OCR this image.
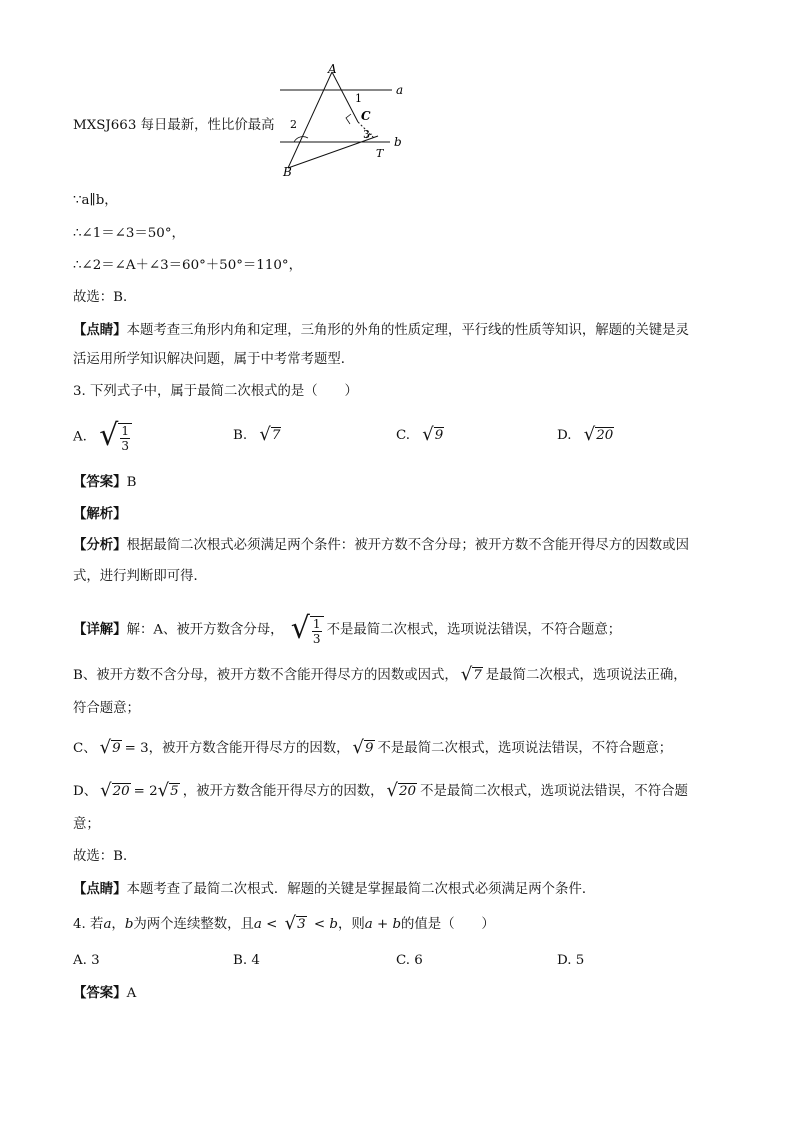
MXSJ663 每日最新，性比价最高
A
a
1
C
2
3
b
T
B
∵a∥b，
∴∠1＝∠3＝50°，
∴∠2＝∠A＋∠3＝60°＋50°＝110°，
故选：B．
【点睛】本题考查三角形内角和定理，三角形的外角的性质定理，平行线的性质等知识，解题的关键是灵
活运用所学知识解决问题，属于中考常考题型．
3. 下列式子中，属于最简二次根式的是（　　）
A. √ $\frac{1}{3}$	B. √ 7	C. √ 9	D. √ 20
【答案】B
【解析】
【分析】根据最简二次根式必须满足两个条件：被开方数不含分母；被开方数不含能开得尽方的因数或因
式，进行判断即可得．
【详解】解：A、被开方数含分母， √ $\frac{1}{3}$ 不是最简二次根式，选项说法错误，不符合题意；
B、被开方数不含分母，被开方数不含能开得尽方的因数或因式， √ 7 是最简二次根式，选项说法正确，
符合题意；
C、 √ 9 = 3，被开方数含能开得尽方的因数， √ 9 不是最简二次根式，选项说法错误，不符合题意；
D、 √ 20 = 2 √ 5 ，被开方数含能开得尽方的因数， √ 20 不是最简二次根式，选项说法错误，不符合题
意；
故选：B．
【点睛】本题考查了最简二次根式．解题的关键是掌握最简二次根式必须满足两个条件．
4. 若a，b为两个连续整数，且a < √ 3 < b，则a + b的值是（　　）
A. 3	B. 4	C. 6	D. 5
【答案】A
